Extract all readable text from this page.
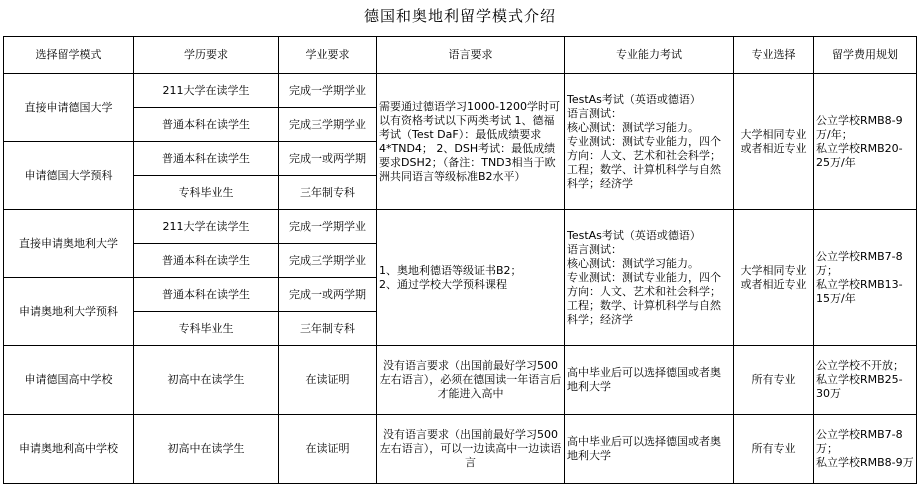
德国和奥地利留学模式介绍
选择留学模式	学历要求	学业要求	语言要求	专业能力考试	专业选择	留学费用规划
直接申请德国大学	211大学在读学生	完成一学期学业	需要通过德语学习1000-1200学时可以有资格考试以下两类考试 1、德福考试（Test DaF）：最低成绩要求4*TND4； 2、DSH考试：最低成绩要求DSH2；（备注：TND3相当于欧洲共同语言等级标准B2水平）	TestAs考试（英语或德语）
语言测试：
核心测试：测试学习能力。
专业测试：测试专业能力，四个方向：人文、艺术和社会科学；工程；数学、计算机科学与自然科学；经济学	大学相同专业或者相近专业	公立学校RMB8-9万/年；
私立学校RMB20-25万/年
	普通本科在读学生	完成三学期学业				
申请德国大学预科	普通本科在读学生	完成一或两学期				
	专科毕业生	三年制专科				
直接申请奥地利大学	211大学在读学生	完成一学期学业	1、奥地利德语等级证书B2；
2、通过学校大学预科课程	TestAs考试（英语或德语）
语言测试：
核心测试：测试学习能力。
专业测试：测试专业能力，四个方向：人文、艺术和社会科学；工程；数学、计算机科学与自然科学；经济学	大学相同专业或者相近专业	公立学校RMB7-8万；
私立学校RMB13-15万/年
	普通本科在读学生	完成三学期学业				
申请奥地利大学预科	普通本科在读学生	完成一或两学期				
	专科毕业生	三年制专科				
申请德国高中学校	初高中在读学生	在读证明	没有语言要求（出国前最好学习500左右语言），必须在德国读一年语言后才能进入高中	高中毕业后可以选择德国或者奥地利大学	所有专业	公立学校不开放；
私立学校RMB25-30万
申请奥地利高中学校	初高中在读学生	在读证明	没有语言要求（出国前最好学习500左右语言），可以一边读高中一边读语言	高中毕业后可以选择德国或者奥地利大学	所有专业	公立学校RMB7-8万；
私立学校RMB8-9万
